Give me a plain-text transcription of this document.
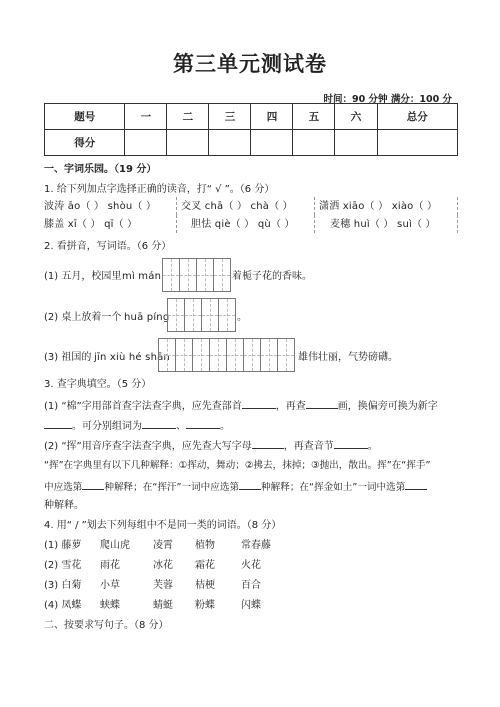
第三单元测试卷
时间：90 分钟 满分：100 分
题号	一	二	三	四	五	六	总分
得分							
一、字词乐园。（19 分）
1. 给下列加点字选择正确的读音，打“ √ ”。（6 分）
波涛 āo（ ） shòu（ ） 交叉 chā（ ） chà（ ）	潇洒 xiāo（ ） xiào（ ）
膝盖 xī（ ） qī（ ）	胆怯 qiè（ ） qù（ ）	麦穗 huì（ ） suì（ ）
2. 看拼音，写词语。（6 分）
(1) 五月，校园里 mì mán	着栀子花的香味。
(2) 桌上放着一个 huā píng	。
(3) 祖国的 jīn xiù hé shān	雄伟壮丽，气势磅礴。
3. 查字典填空。（5 分）
(1) “棉”字用部首查字法查字典，应先查部首	，再查	画，换偏旁可换为新字
。可分别组词为	、	。
(2) “挥”用音序查字法查字典，应先查大写字母	，再查音节	。
“挥”在字典里有以下几种解释：①挥动，舞动；②拂去，抹掉；③抛出，散出。挥”在“挥手”
中应选第 种解释；在“挥汗”一词中应选第 种解释；在“挥金如土”一词中选第
种解释。
4. 用“ / ”划去下列每组中不是同一类的词语。（8 分）
(1) 藤萝 爬山虎 凌霄 植物	常春藤
(2) 雪花 雨花	冰花 霜花	火花
(3) 白菊 小草	芙蓉 桔梗	百合
(4) 凤蝶 蛱蝶	蜻蜓 粉蝶	闪蝶
二、按要求写句子。（8 分）
